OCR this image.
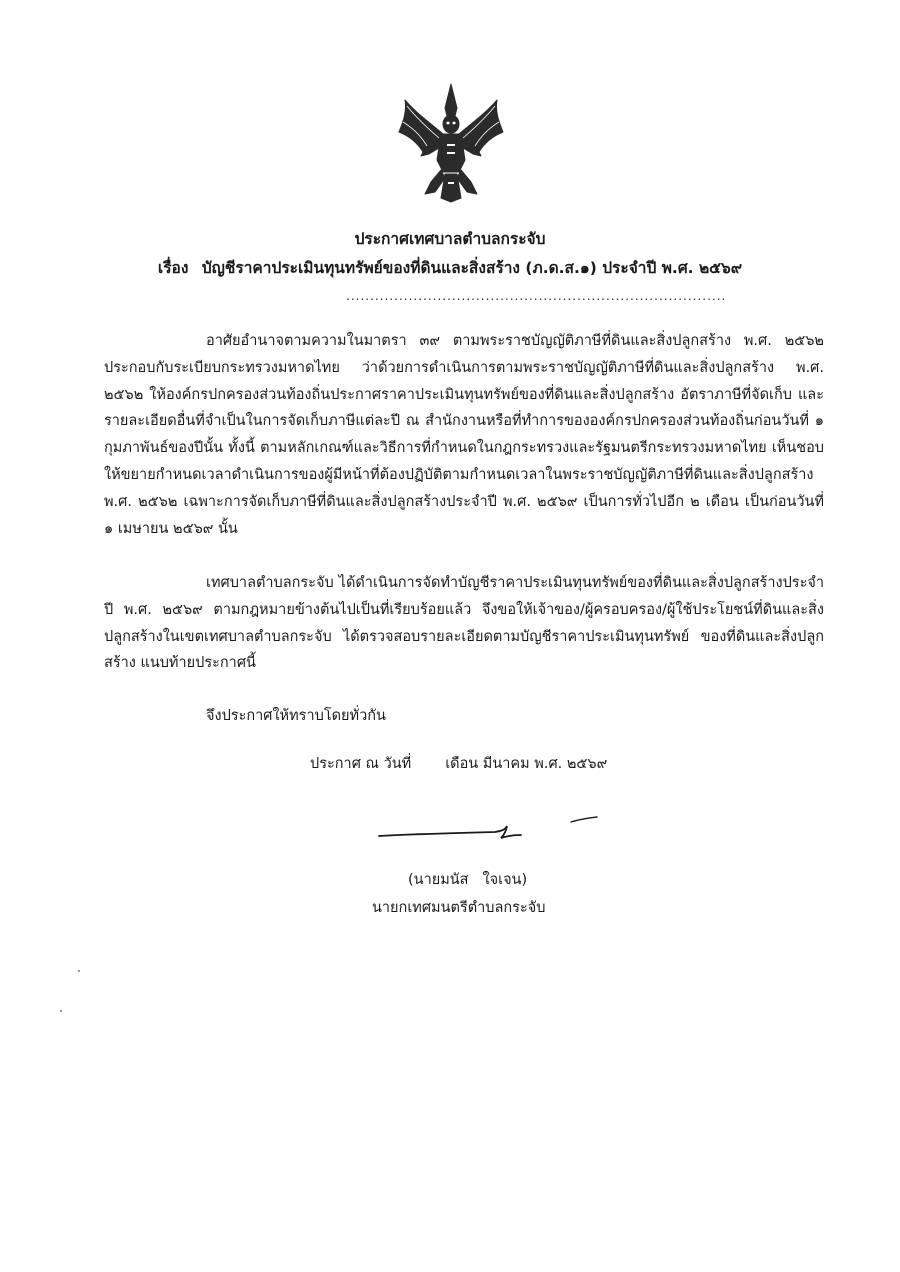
ประกาศเทศบาลตำบลกระจับ
เรื่อง บัญชีราคาประเมินทุนทรัพย์ของที่ดินและสิ่งสร้าง (ภ.ด.ส.๑) ประจำปี พ.ศ. ๒๕๖๙
...............................................................................

อาศัยอำนาจตามความในมาตรา ๓๙ ตามพระราชบัญญัติภาษีที่ดินและสิ่งปลูกสร้าง พ.ศ. ๒๕๖๒ ประกอบกับระเบียบกระทรวงมหาดไทย ว่าด้วยการดำเนินการตามพระราชบัญญัติภาษีที่ดินและสิ่งปลูกสร้าง พ.ศ. ๒๕๖๒ ให้องค์กรปกครองส่วนท้องถิ่นประกาศราคาประเมินทุนทรัพย์ของที่ดินและสิ่งปลูกสร้าง อัตราภาษีที่จัดเก็บ และรายละเอียดอื่นที่จำเป็นในการจัดเก็บภาษีแต่ละปี ณ สำนักงานหรือที่ทำการขององค์กรปกครองส่วนท้องถิ่นก่อนวันที่ ๑ กุมภาพันธ์ของปีนั้น ทั้งนี้ ตามหลักเกณฑ์และวิธีการที่กำหนดในกฎกระทรวงและรัฐมนตรีกระทรวงมหาดไทย เห็นชอบให้ขยายกำหนดเวลาดำเนินการของผู้มีหน้าที่ต้องปฏิบัติตามกำหนดเวลาในพระราชบัญญัติภาษีที่ดินและสิ่งปลูกสร้าง พ.ศ. ๒๕๖๒ เฉพาะการจัดเก็บภาษีที่ดินและสิ่งปลูกสร้างประจำปี พ.ศ. ๒๕๖๙ เป็นการทั่วไปอีก ๒ เดือน เป็นก่อนวันที่ ๑ เมษายน ๒๕๖๙ นั้น

เทศบาลตำบลกระจับ ได้ดำเนินการจัดทำบัญชีราคาประเมินทุนทรัพย์ของที่ดินและสิ่งปลูกสร้างประจำปี พ.ศ. ๒๕๖๙ ตามกฎหมายข้างต้นไปเป็นที่เรียบร้อยแล้ว จึงขอให้เจ้าของ/ผู้ครอบครอง/ผู้ใช้ประโยชน์ที่ดินและสิ่งปลูกสร้างในเขตเทศบาลตำบลกระจับ ได้ตรวจสอบรายละเอียดตามบัญชีราคาประเมินทุนทรัพย์ ของที่ดินและสิ่งปลูกสร้าง แนบท้ายประกาศนี้

จึงประกาศให้ทราบโดยทั่วกัน
ประกาศ ณ วันที่ เดือน มีนาคม พ.ศ. ๒๕๖๙
(นายมนัส ใจเจน)
นายกเทศมนตรีตำบลกระจับ
